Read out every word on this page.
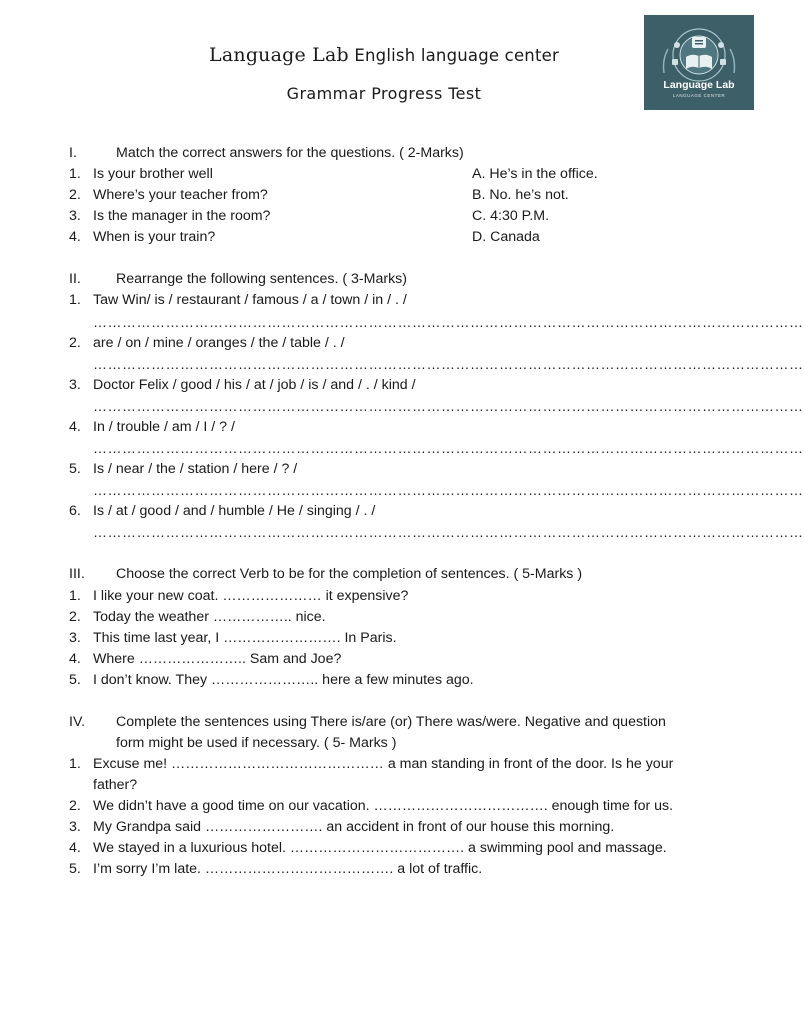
Language Lab English language center
Grammar Progress Test	Language Lab
LANGUAGE CENTER
I.	Match the correct answers for the questions. ( 2-Marks)
1. Is your brother well	A. He’s in the office.
2. Where’s your teacher from?	B. No. he’s not.
3. Is the manager in the room?	C. 4:30 P.M.
4. When is your train?	D. Canada
II. Rearrange the following sentences. ( 3-Marks)
1. Taw Win/ is / restaurant / famous / a / town / in / . /
…………………………………………………………………………………………………………………………………
2. are / on / mine / oranges / the / table / . /
…………………………………………………………………………………………………………………………………
3. Doctor Felix / good / his / at / job / is / and / . / kind /
…………………………………………………………………………………………………………………………………
4. In / trouble / am / I / ? /
…………………………………………………………………………………………………………………………………
5. Is / near / the / station / here / ? /
…………………………………………………………………………………………………………………………………
6. Is / at / good / and / humble / He / singing / . /
…………………………………………………………………………………………………………………………………
III. Choose the correct Verb to be for the completion of sentences. ( 5-Marks )
1. I like your new coat. ………………… it expensive?
2. Today the weather …………….. nice.
3. This time last year, I ……………………. In Paris.
4. Where ………………….. Sam and Joe?
5. I don’t know. They ………………….. here a few minutes ago.
IV. Complete the sentences using There is/are (or) There was/were. Negative and question
form might be used if necessary. ( 5- Marks )
1. Excuse me! ……………………………………… a man standing in front of the door. Is he your
father?
2. We didn’t have a good time on our vacation. ………………………………. enough time for us.
3. My Grandpa said ……………………. an accident in front of our house this morning.
4. We stayed in a luxurious hotel. ………………………………. a swimming pool and massage.
5. I’m sorry I’m late. …………………………………. a lot of traffic.
